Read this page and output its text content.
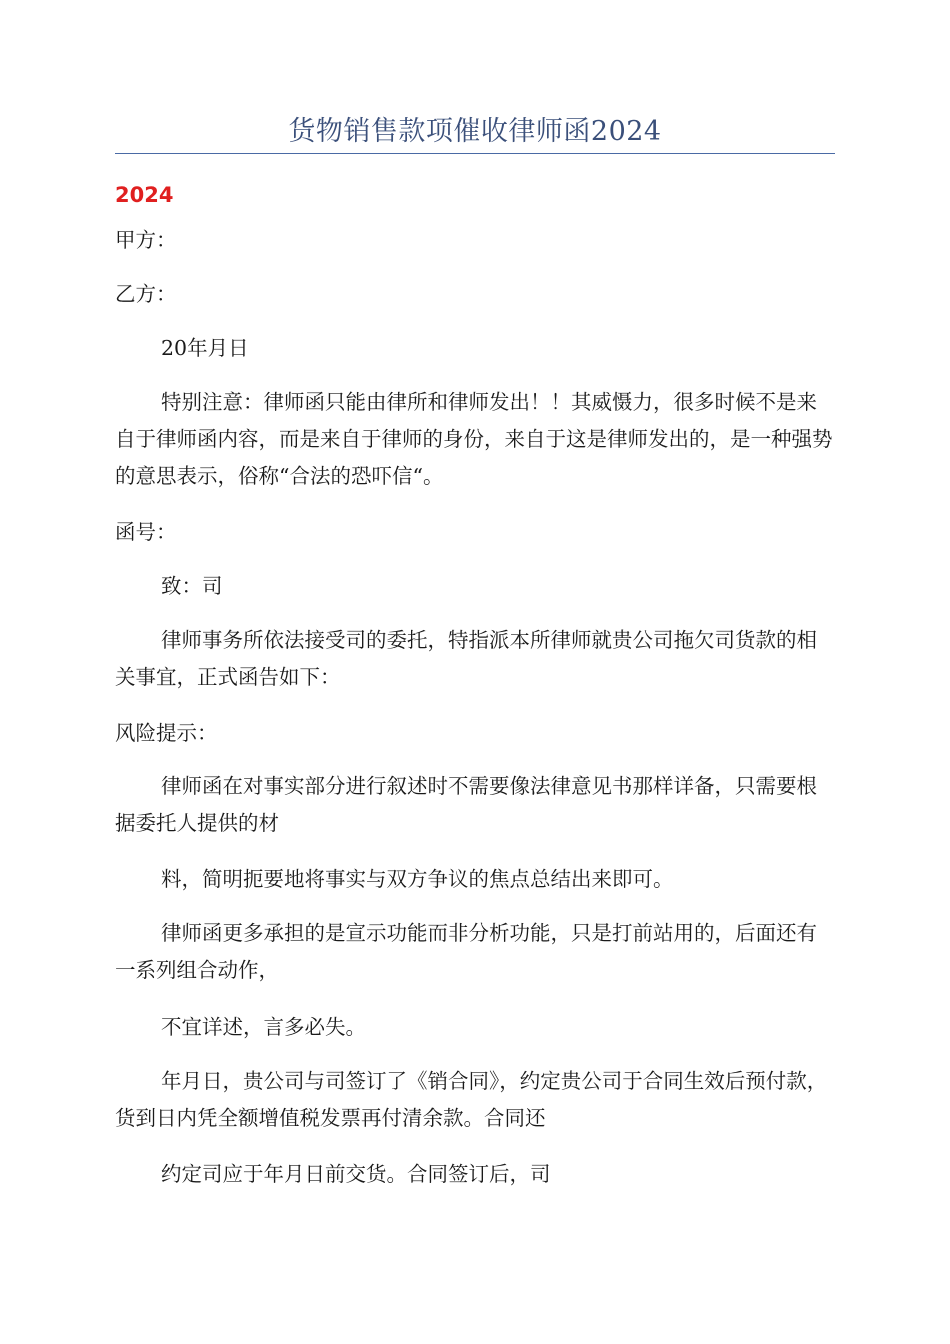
货物销售款项催收律师函2024
2024

甲方：

乙方：

20年月日

特别注意：律师函只能由律所和律师发出！！其威慑力，很多时候不是来自于律师函内容，而是来自于律师的身份，来自于这是律师发出的，是一种强势的意思表示，俗称“合法的恐吓信“。

函号：

致：司

律师事务所依法接受司的委托，特指派本所律师就贵公司拖欠司货款的相关事宜，正式函告如下：

风险提示：

律师函在对事实部分进行叙述时不需要像法律意见书那样详备，只需要根据委托人提供的材

料，简明扼要地将事实与双方争议的焦点总结出来即可。

律师函更多承担的是宣示功能而非分析功能，只是打前站用的，后面还有一系列组合动作，

不宜详述，言多必失。

年月日，贵公司与司签订了《销合同》，约定贵公司于合同生效后预付款，货到日内凭全额增值税发票再付清余款。合同还

约定司应于年月日前交货。合同签订后，司
